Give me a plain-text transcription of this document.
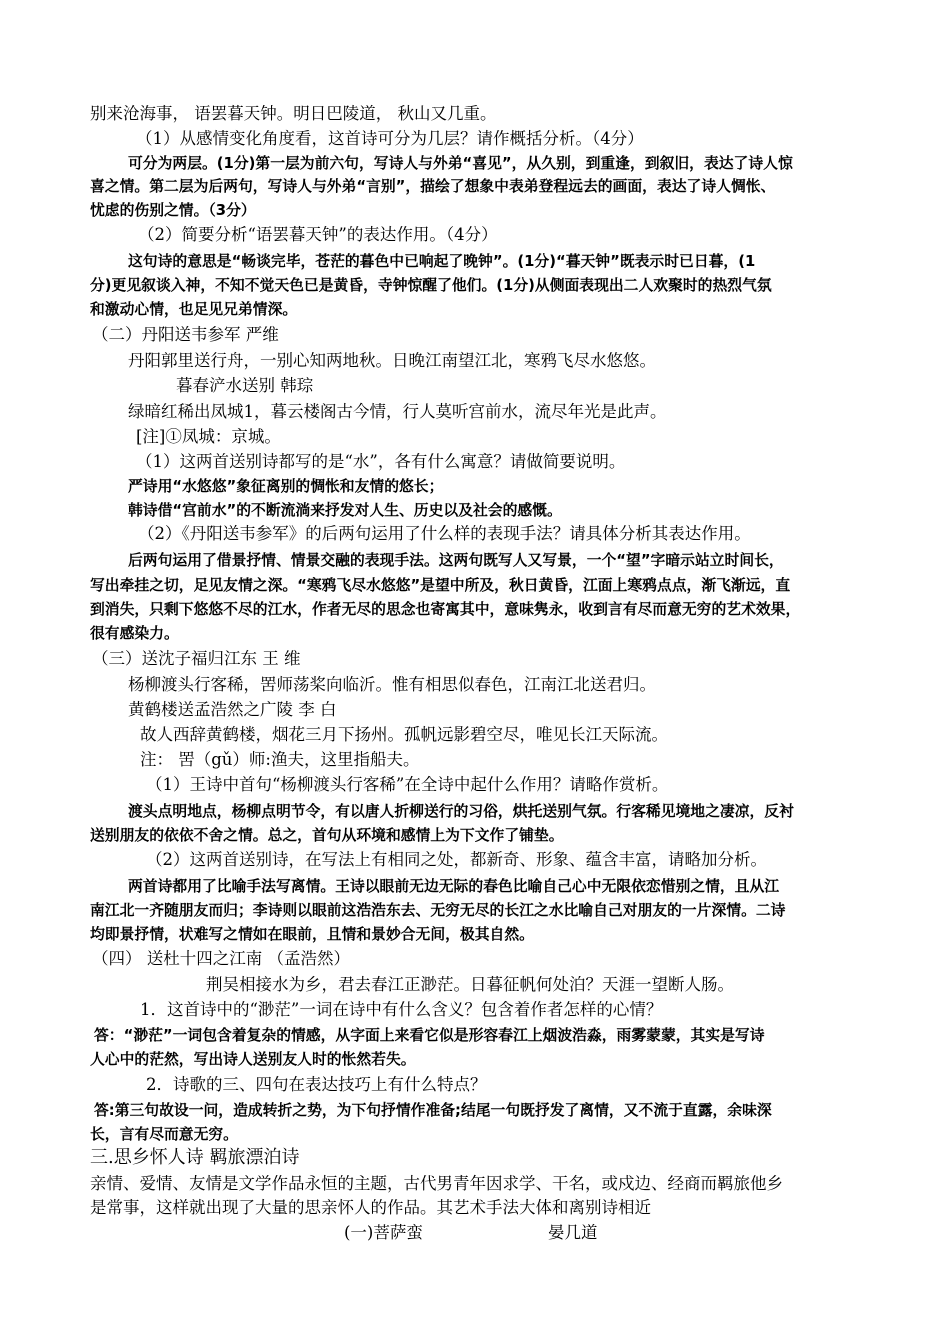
别来沧海事， 语罢暮天钟。明日巴陵道， 秋山又几重。
（1）从感情变化角度看，这首诗可分为几层？请作概括分析。（4分）
可分为两层。(1分)第一层为前六句，写诗人与外弟“喜见”，从久别，到重逢，到叙旧，表达了诗人惊
喜之情。第二层为后两句，写诗人与外弟“言别”，描绘了想象中表弟登程远去的画面，表达了诗人惆怅、
忧虑的伤别之情。（3分）
（2）简要分析“语罢暮天钟”的表达作用。（4分）
这句诗的意思是“畅谈完毕，苍茫的暮色中已响起了晚钟”。(1分)“暮天钟”既表示时已日暮，(1
分)更见叙谈入神，不知不觉天色已是黄昏，寺钟惊醒了他们。(1分)从侧面表现出二人欢聚时的热烈气氛
和激动心情，也足见兄弟情深。
（二）丹阳送韦参军 严维
丹阳郭里送行舟，一别心知两地秋。日晚江南望江北，寒鸦飞尽水悠悠。
暮春浐水送别 韩琮
绿暗红稀出凤城1，暮云楼阁古今情，行人莫听宫前水，流尽年光是此声。
[注]①凤城：京城。
（1）这两首送别诗都写的是“水”，各有什么寓意？请做简要说明。
严诗用“水悠悠”象征离别的惆怅和友情的悠长；
韩诗借“宫前水”的不断流淌来抒发对人生、历史以及社会的感慨。
（2）《丹阳送韦参军》的后两句运用了什么样的表现手法？请具体分析其表达作用。
后两句运用了借景抒情、情景交融的表现手法。这两句既写人又写景，一个“望”字暗示站立时间长，
写出牵挂之切，足见友情之深。“寒鸦飞尽水悠悠”是望中所及，秋日黄昏，江面上寒鸦点点，渐飞渐远，直
到消失，只剩下悠悠不尽的江水，作者无尽的思念也寄寓其中，意味隽永，收到言有尽而意无穷的艺术效果，
很有感染力。
（三）送沈子福归江东 王 维
杨柳渡头行客稀，罟师荡桨向临沂。惟有相思似春色，江南江北送君归。
黄鹤楼送孟浩然之广陵 李 白
故人西辞黄鹤楼，烟花三月下扬州。孤帆远影碧空尽，唯见长江天际流。
注： 罟（gǔ）师:渔夫，这里指船夫。
（1）王诗中首句“杨柳渡头行客稀”在全诗中起什么作用？请略作赏析。
渡头点明地点，杨柳点明节令，有以唐人折柳送行的习俗，烘托送别气氛。行客稀见境地之凄凉，反衬
送别朋友的依依不舍之情。总之，首句从环境和感情上为下文作了铺垫。
（2）这两首送别诗，在写法上有相同之处，都新奇、形象、蕴含丰富，请略加分析。
两首诗都用了比喻手法写离情。王诗以眼前无边无际的春色比喻自己心中无限依恋惜别之情，且从江
南江北一齐随朋友而归；李诗则以眼前这浩浩东去、无穷无尽的长江之水比喻自己对朋友的一片深情。二诗
均即景抒情，状难写之情如在眼前，且情和景妙合无间，极其自然。
（四） 送杜十四之江南 （孟浩然）
荆吴相接水为乡，君去春江正渺茫。日暮征帆何处泊？天涯一望断人肠。
1．这首诗中的“渺茫”一词在诗中有什么含义？包含着作者怎样的心情？
答：“渺茫”一词包含着复杂的情感，从字面上来看它似是形容春江上烟波浩淼，雨雾蒙蒙，其实是写诗
人心中的茫然，写出诗人送别友人时的怅然若失。
2．诗歌的三、四句在表达技巧上有什么特点？
答:第三句故设一问，造成转折之势，为下句抒情作准备;结尾一句既抒发了离情，又不流于直露，余味深
长，言有尽而意无穷。
三.思乡怀人诗 羁旅漂泊诗
亲情、爱情、友情是文学作品永恒的主题，古代男青年因求学、干名，或戍边、经商而羁旅他乡
是常事，这样就出现了大量的思亲怀人的作品。其艺术手法大体和离别诗相近
(一)菩萨蛮	晏几道
